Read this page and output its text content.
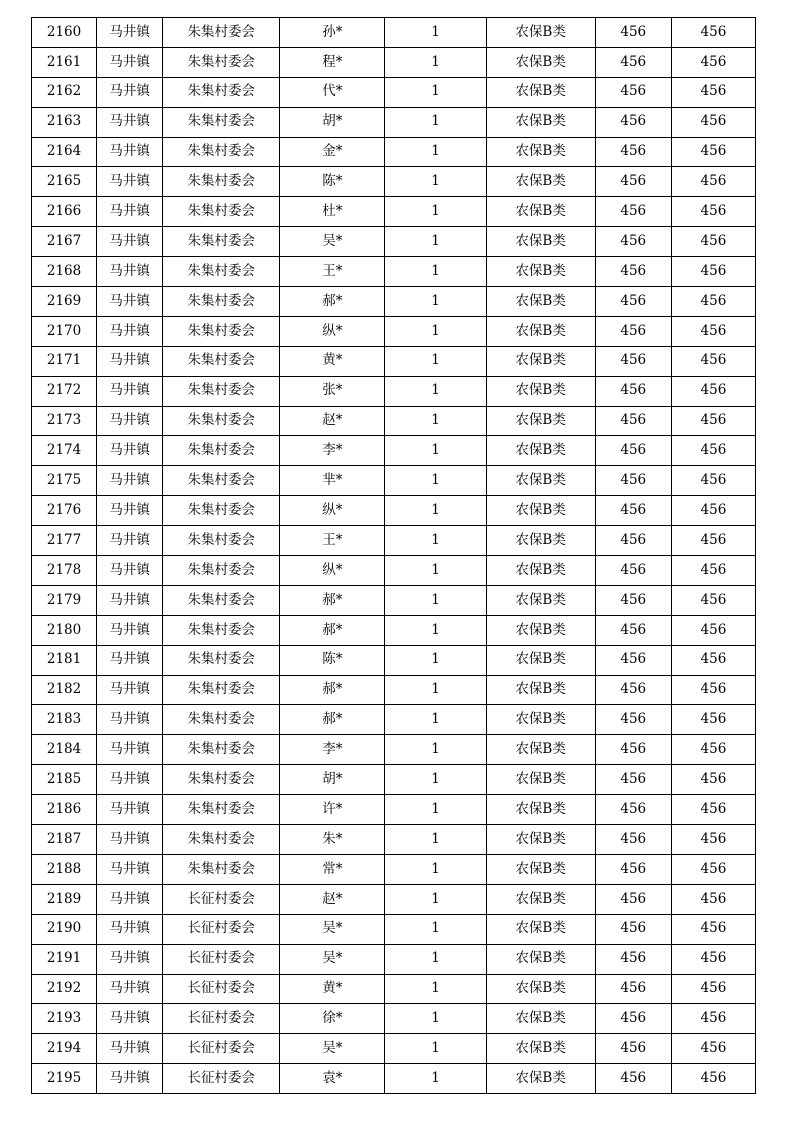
2160	马井镇	朱集村委会	孙*	1	农保B类	456	456
2161	马井镇	朱集村委会	程*	1	农保B类	456	456
2162	马井镇	朱集村委会	代*	1	农保B类	456	456
2163	马井镇	朱集村委会	胡*	1	农保B类	456	456
2164	马井镇	朱集村委会	金*	1	农保B类	456	456
2165	马井镇	朱集村委会	陈*	1	农保B类	456	456
2166	马井镇	朱集村委会	杜*	1	农保B类	456	456
2167	马井镇	朱集村委会	吴*	1	农保B类	456	456
2168	马井镇	朱集村委会	王*	1	农保B类	456	456
2169	马井镇	朱集村委会	郝*	1	农保B类	456	456
2170	马井镇	朱集村委会	纵*	1	农保B类	456	456
2171	马井镇	朱集村委会	黄*	1	农保B类	456	456
2172	马井镇	朱集村委会	张*	1	农保B类	456	456
2173	马井镇	朱集村委会	赵*	1	农保B类	456	456
2174	马井镇	朱集村委会	李*	1	农保B类	456	456
2175	马井镇	朱集村委会	芈*	1	农保B类	456	456
2176	马井镇	朱集村委会	纵*	1	农保B类	456	456
2177	马井镇	朱集村委会	王*	1	农保B类	456	456
2178	马井镇	朱集村委会	纵*	1	农保B类	456	456
2179	马井镇	朱集村委会	郝*	1	农保B类	456	456
2180	马井镇	朱集村委会	郝*	1	农保B类	456	456
2181	马井镇	朱集村委会	陈*	1	农保B类	456	456
2182	马井镇	朱集村委会	郝*	1	农保B类	456	456
2183	马井镇	朱集村委会	郝*	1	农保B类	456	456
2184	马井镇	朱集村委会	李*	1	农保B类	456	456
2185	马井镇	朱集村委会	胡*	1	农保B类	456	456
2186	马井镇	朱集村委会	许*	1	农保B类	456	456
2187	马井镇	朱集村委会	朱*	1	农保B类	456	456
2188	马井镇	朱集村委会	常*	1	农保B类	456	456
2189	马井镇	长征村委会	赵*	1	农保B类	456	456
2190	马井镇	长征村委会	吴*	1	农保B类	456	456
2191	马井镇	长征村委会	吴*	1	农保B类	456	456
2192	马井镇	长征村委会	黄*	1	农保B类	456	456
2193	马井镇	长征村委会	徐*	1	农保B类	456	456
2194	马井镇	长征村委会	吴*	1	农保B类	456	456
2195	马井镇	长征村委会	袁*	1	农保B类	456	456
